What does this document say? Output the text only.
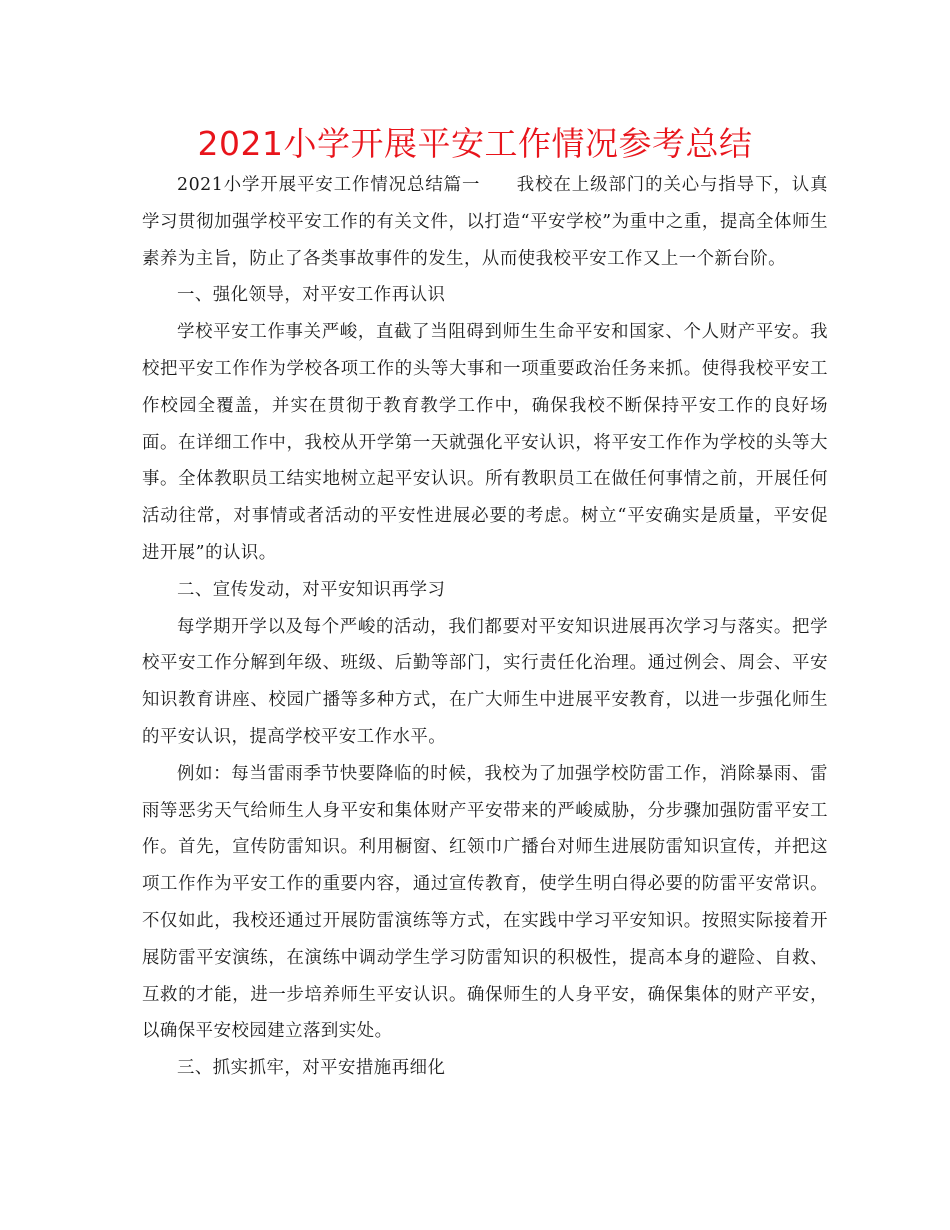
2021小学开展平安工作情况参考总结

2021小学开展平安工作情况总结篇一 我校在上级部门的关心与指导下，认真学习贯彻加强学校平安工作的有关文件，以打造“平安学校”为重中之重，提高全体师生素养为主旨，防止了各类事故事件的发生，从而使我校平安工作又上一个新台阶。

一、强化领导，对平安工作再认识

学校平安工作事关严峻，直截了当阻碍到师生生命平安和国家、个人财产平安。我校把平安工作作为学校各项工作的头等大事和一项重要政治任务来抓。使得我校平安工作校园全覆盖，并实在贯彻于教育教学工作中，确保我校不断保持平安工作的良好场面。在详细工作中，我校从开学第一天就强化平安认识，将平安工作作为学校的头等大事。全体教职员工结实地树立起平安认识。所有教职员工在做任何事情之前，开展任何活动往常，对事情或者活动的平安性进展必要的考虑。树立“平安确实是质量，平安促进开展”的认识。

二、宣传发动，对平安知识再学习

每学期开学以及每个严峻的活动，我们都要对平安知识进展再次学习与落实。把学校平安工作分解到年级、班级、后勤等部门，实行责任化治理。通过例会、周会、平安知识教育讲座、校园广播等多种方式，在广大师生中进展平安教育，以进一步强化师生的平安认识，提高学校平安工作水平。

例如：每当雷雨季节快要降临的时候，我校为了加强学校防雷工作，消除暴雨、雷雨等恶劣天气给师生人身平安和集体财产平安带来的严峻威胁，分步骤加强防雷平安工作。首先，宣传防雷知识。利用橱窗、红领巾广播台对师生进展防雷知识宣传，并把这项工作作为平安工作的重要内容，通过宣传教育，使学生明白得必要的防雷平安常识。不仅如此，我校还通过开展防雷演练等方式，在实践中学习平安知识。按照实际接着开展防雷平安演练，在演练中调动学生学习防雷知识的积极性，提高本身的避险、自救、互救的才能，进一步培养师生平安认识。确保师生的人身平安，确保集体的财产平安，以确保平安校园建立落到实处。

三、抓实抓牢，对平安措施再细化
